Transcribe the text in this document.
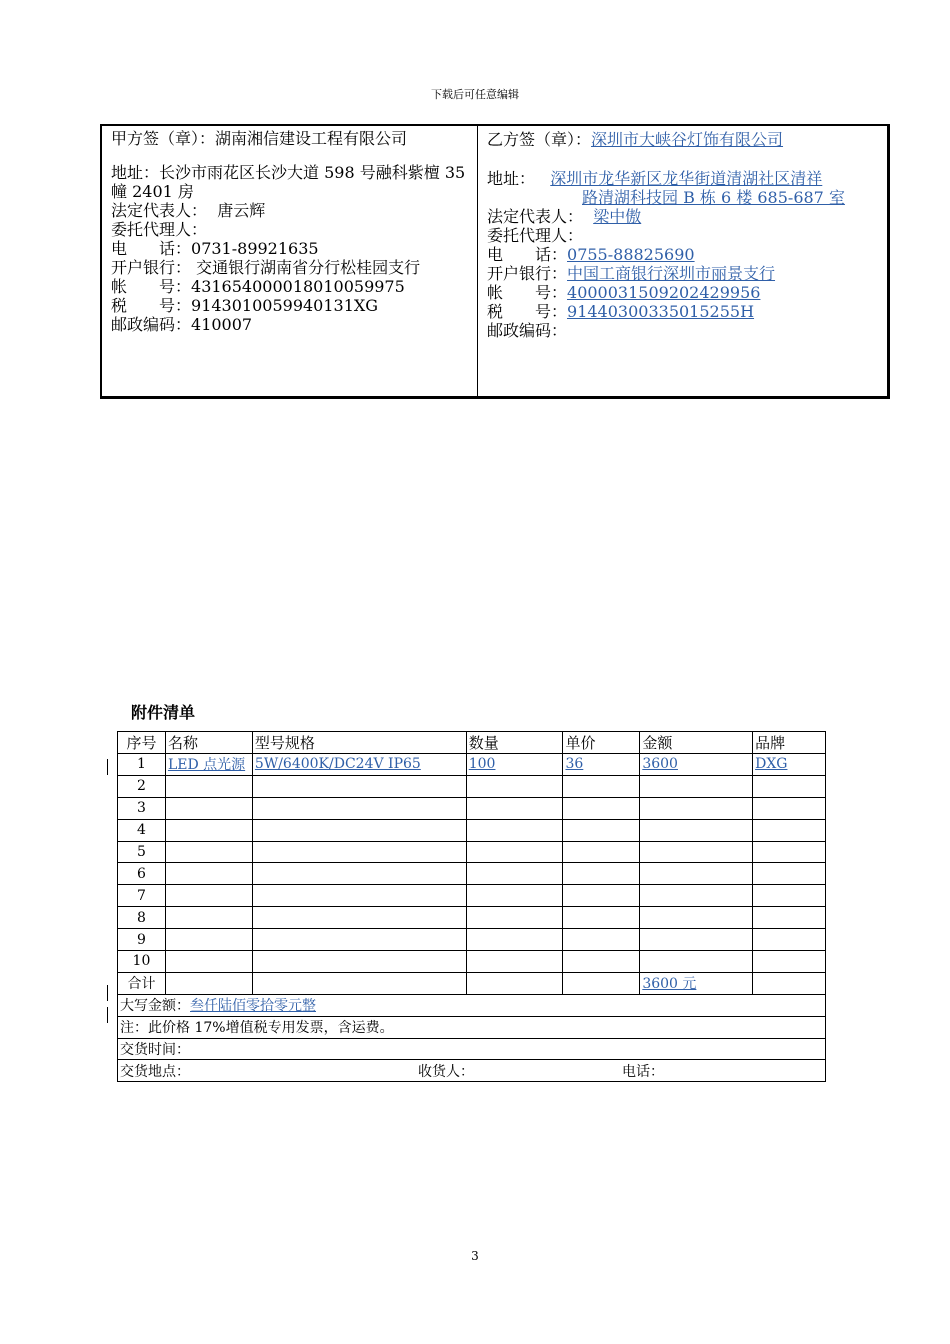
下载后可任意编辑
甲方签（章）：湖南湘信建设工程有限公司
地址：长沙市雨花区长沙大道 598 号融科紫檀 35 幢 2401 房
法定代表人： 唐云辉
委托代理人：
电　　话：0731-89921635
开户银行： 交通银行湖南省分行松桂园支行
帐　　号：431654000018010059975
税　　号：9143010059940131XG
邮政编码：410007
乙方签（章）：深圳市大峡谷灯饰有限公司
地址： 深圳市龙华新区龙华街道清湖社区清祥
路清湖科技园 B 栋 6 楼 685-687 室
法定代表人： 梁中傲
委托代理人：
电　　话：0755-88825690
开户银行：中国工商银行深圳市丽景支行
帐　　号：4000031509202429956
税　　号：91440300335015255H
邮政编码：
附件清单
序号	名称	型号规格	数量	单价	金额	品牌
1	LED 点光源	5W/6400K/DC24V IP65	100	36	3600	DXG
2						
3						
4						
5						
6						
7						
8						
9						
10						
合计					3600 元	
大写金额：叁仟陆佰零拾零元整						
注：此价格 17%增值税专用发票，含运费。						
交货时间：						
交货地点： 收货人： 电话：						
3
